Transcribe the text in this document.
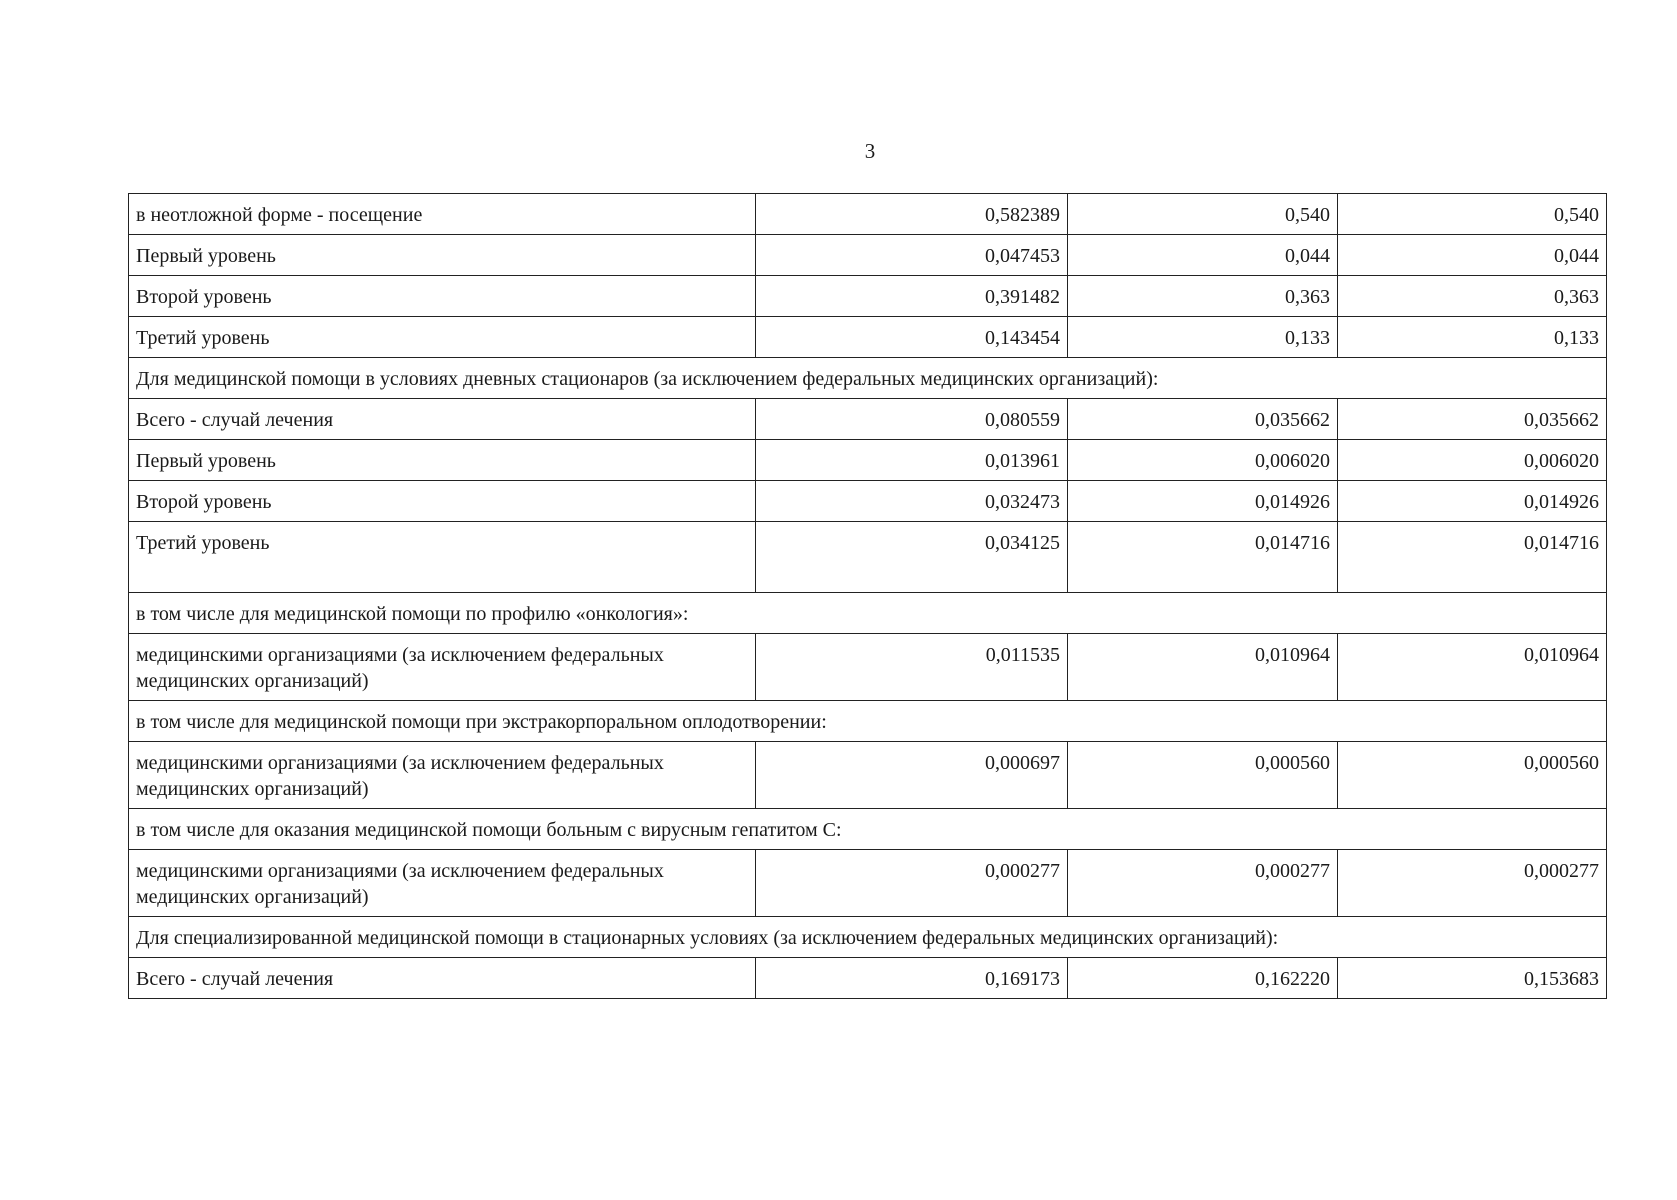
3
в неотложной форме - посещение	0,582389	0,540	0,540
Первый уровень	0,047453	0,044	0,044
Второй уровень	0,391482	0,363	0,363
Третий уровень	0,143454	0,133	0,133
Для медицинской помощи в условиях дневных стационаров (за исключением федеральных медицинских организаций):			
Всего - случай лечения	0,080559	0,035662	0,035662
Первый уровень	0,013961	0,006020	0,006020
Второй уровень	0,032473	0,014926	0,014926
Третий уровень	0,034125	0,014716	0,014716
в том числе для медицинской помощи по профилю «онкология»:			
медицинскими организациями (за исключением федеральных медицинских организаций)	0,011535	0,010964	0,010964
в том числе для медицинской помощи при экстракорпоральном оплодотворении:			
медицинскими организациями (за исключением федеральных медицинских организаций)	0,000697	0,000560	0,000560
в том числе для оказания медицинской помощи больным с вирусным гепатитом С:			
медицинскими организациями (за исключением федеральных медицинских организаций)	0,000277	0,000277	0,000277
Для специализированной медицинской помощи в стационарных условиях (за исключением федеральных медицинских организаций):			
Всего - случай лечения	0,169173	0,162220	0,153683
